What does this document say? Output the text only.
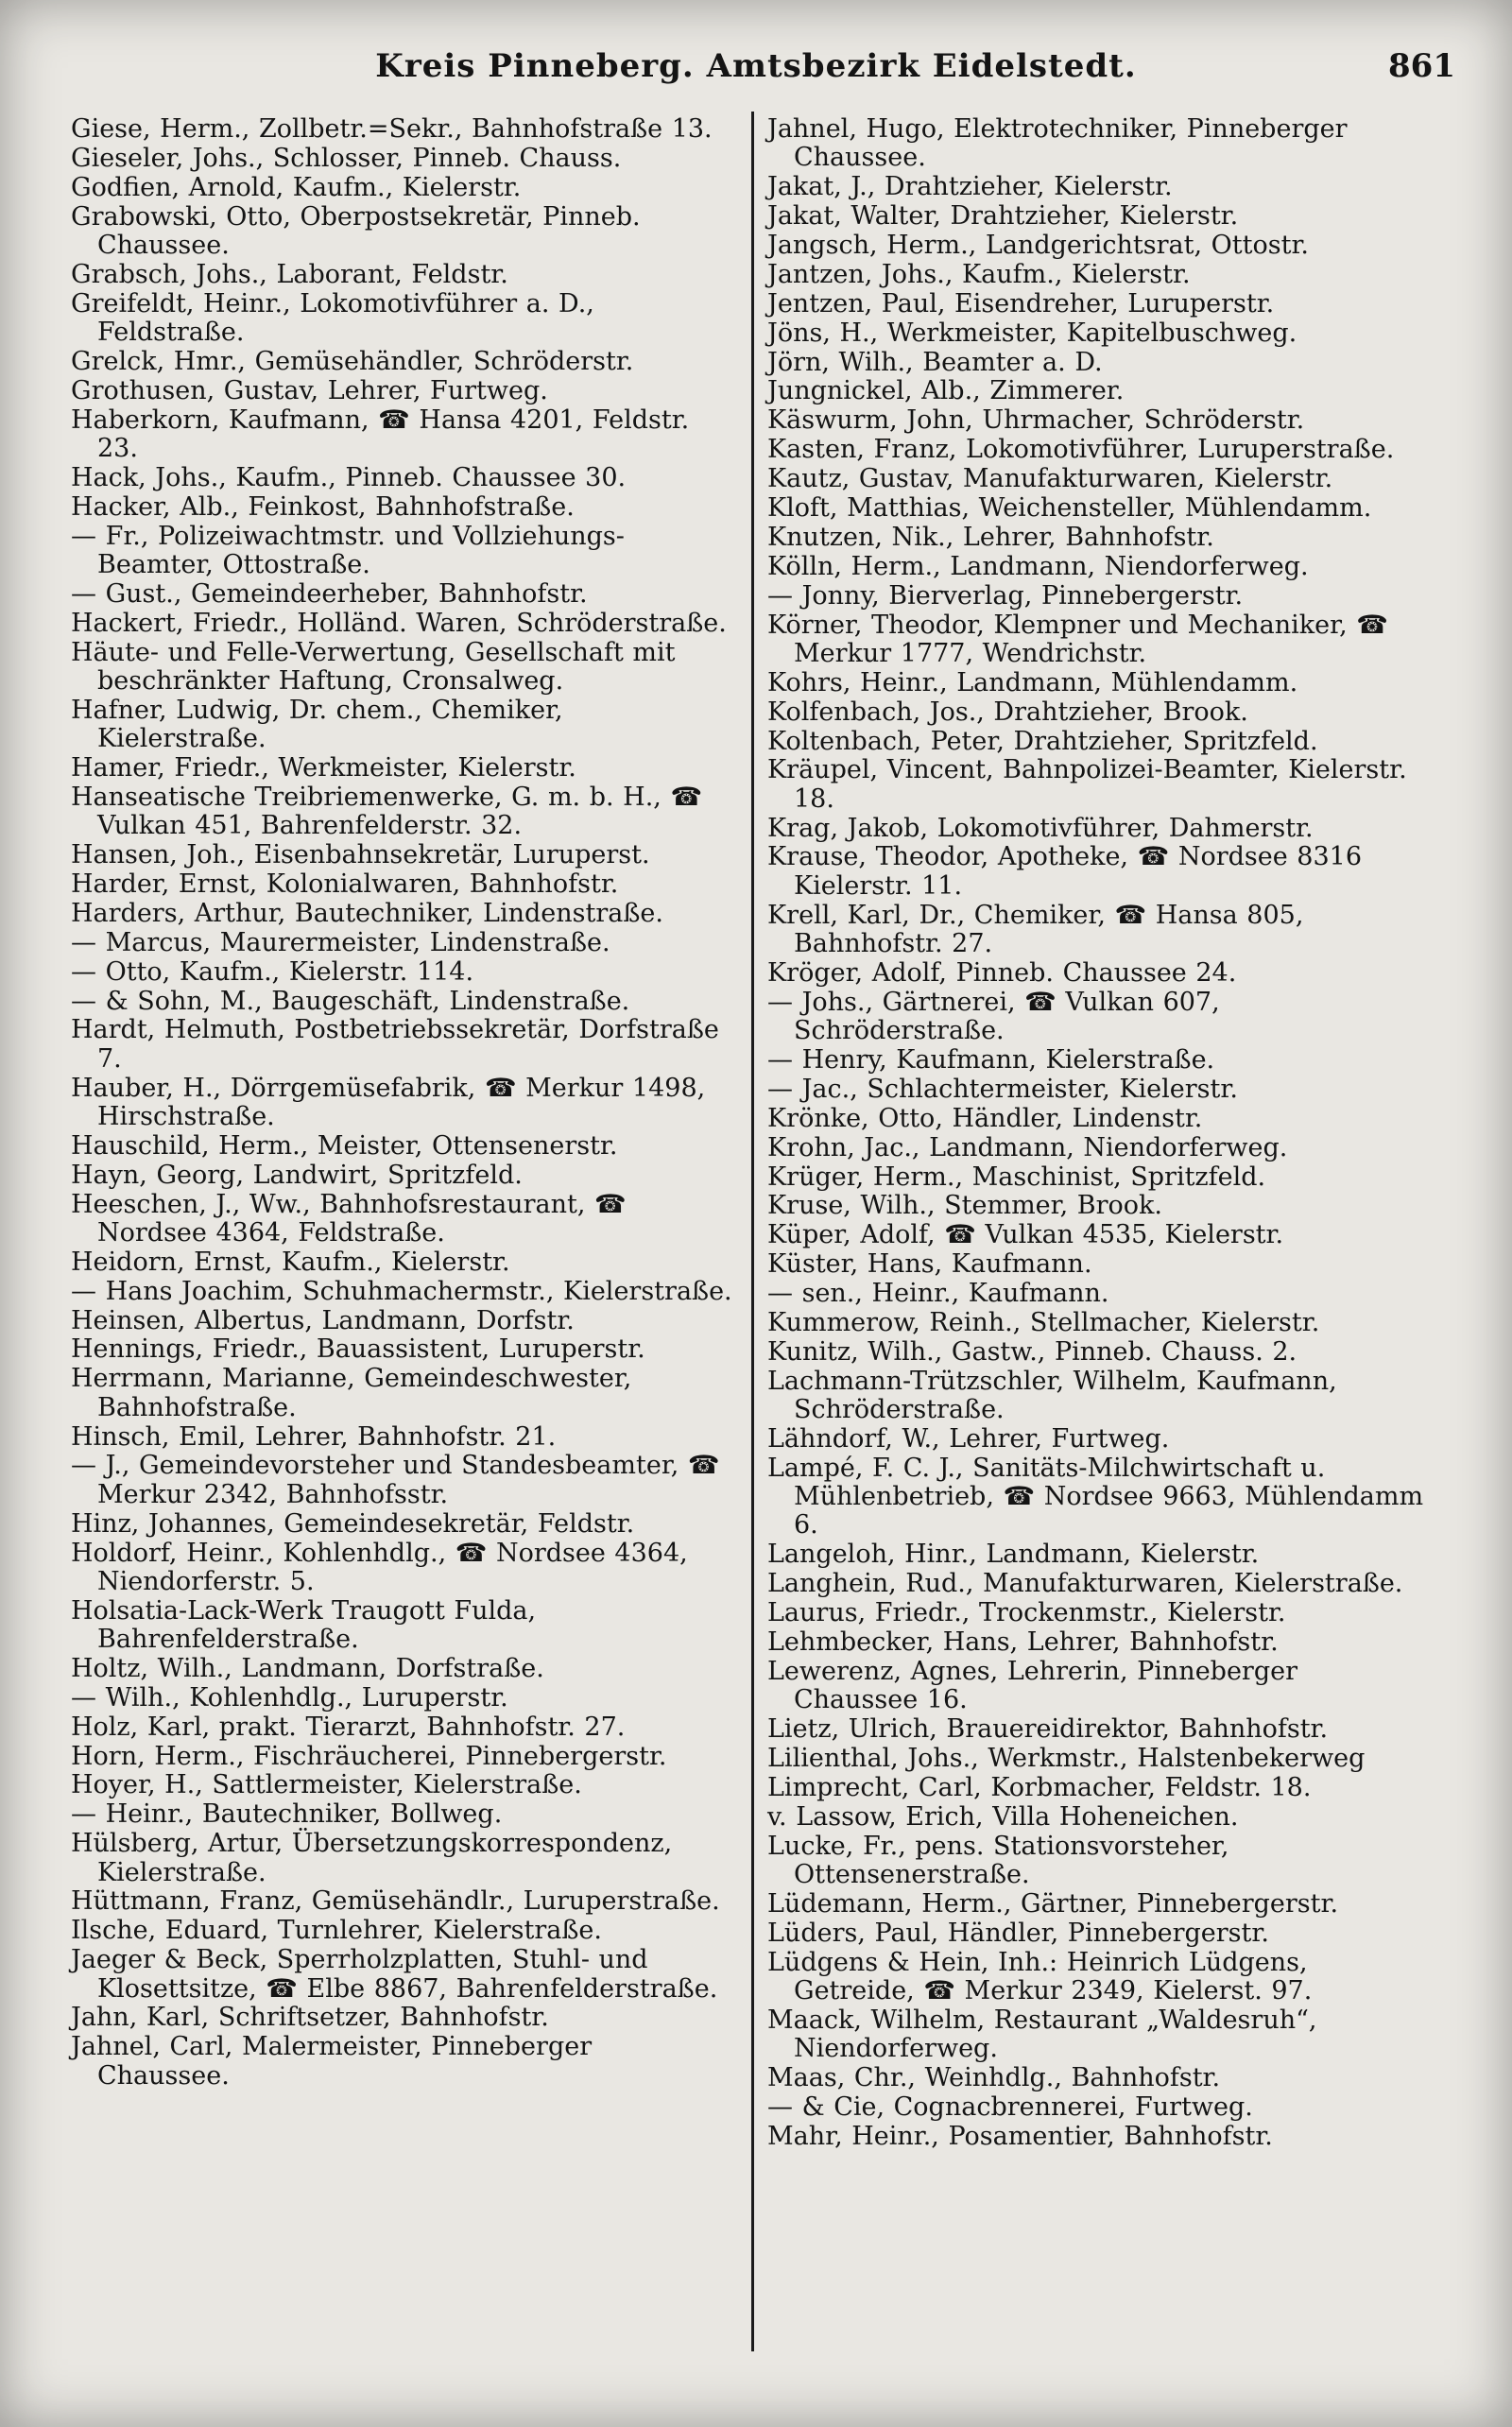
Kreis Pinneberg. Amtsbezirk Eidelstedt.	861
Giese, Herm., Zollbetr.=Sekr., Bahnhofstraße 13.
Gieseler, Johs., Schlosser, Pinneb. Chauss.
Godfien, Arnold, Kaufm., Kielerstr.
Grabowski, Otto, Oberpostsekretär, Pinneb. Chaussee.
Grabsch, Johs., Laborant, Feldstr.
Greifeldt, Heinr., Lokomotivführer a. D., Feldstraße.
Grelck, Hmr., Gemüsehändler, Schröderstr.
Grothusen, Gustav, Lehrer, Furtweg.
Haberkorn, Kaufmann, ☎ Hansa 4201, Feldstr. 23.
Hack, Johs., Kaufm., Pinneb. Chaussee 30.
Hacker, Alb., Feinkost, Bahnhofstraße.
— Fr., Polizeiwachtmstr. und Vollziehungs-Beamter, Ottostraße.
— Gust., Gemeindeerheber, Bahnhofstr.
Hackert, Friedr., Holländ. Waren, Schröderstraße.
Häute- und Felle-Verwertung, Gesellschaft mit beschränkter Haftung, Cronsalweg.
Hafner, Ludwig, Dr. chem., Chemiker, Kielerstraße.
Hamer, Friedr., Werkmeister, Kielerstr.
Hanseatische Treibriemenwerke, G. m. b. H., ☎ Vulkan 451, Bahrenfelderstr. 32.
Hansen, Joh., Eisenbahnsekretär, Luruperst.
Harder, Ernst, Kolonialwaren, Bahnhofstr.
Harders, Arthur, Bautechniker, Lindenstraße.
— Marcus, Maurermeister, Lindenstraße.
— Otto, Kaufm., Kielerstr. 114.
— & Sohn, M., Baugeschäft, Lindenstraße.
Hardt, Helmuth, Postbetriebssekretär, Dorfstraße 7.
Hauber, H., Dörrgemüsefabrik, ☎ Merkur 1498, Hirschstraße.
Hauschild, Herm., Meister, Ottensenerstr.
Hayn, Georg, Landwirt, Spritzfeld.
Heeschen, J., Ww., Bahnhofsrestaurant, ☎ Nordsee 4364, Feldstraße.
Heidorn, Ernst, Kaufm., Kielerstr.
— Hans Joachim, Schuhmachermstr., Kielerstraße.
Heinsen, Albertus, Landmann, Dorfstr.
Hennings, Friedr., Bauassistent, Luruperstr.
Herrmann, Marianne, Gemeindeschwester, Bahnhofstraße.
Hinsch, Emil, Lehrer, Bahnhofstr. 21.
— J., Gemeindevorsteher und Standesbeamter, ☎ Merkur 2342, Bahnhofsstr.
Hinz, Johannes, Gemeindesekretär, Feldstr.
Holdorf, Heinr., Kohlenhdlg., ☎ Nordsee 4364, Niendorferstr. 5.
Holsatia-Lack-Werk Traugott Fulda, Bahrenfelderstraße.
Holtz, Wilh., Landmann, Dorfstraße.
— Wilh., Kohlenhdlg., Luruperstr.
Holz, Karl, prakt. Tierarzt, Bahnhofstr. 27.
Horn, Herm., Fischräucherei, Pinnebergerstr.
Hoyer, H., Sattlermeister, Kielerstraße.
— Heinr., Bautechniker, Bollweg.
Hülsberg, Artur, Übersetzungskorrespondenz, Kielerstraße.
Hüttmann, Franz, Gemüsehändlr., Luruperstraße.
Ilsche, Eduard, Turnlehrer, Kielerstraße.
Jaeger & Beck, Sperrholzplatten, Stuhl- und Klosettsitze, ☎ Elbe 8867, Bahrenfelderstraße.
Jahn, Karl, Schriftsetzer, Bahnhofstr.
Jahnel, Carl, Malermeister, Pinneberger Chaussee.
Jahnel, Hugo, Elektrotechniker, Pinneberger Chaussee.
Jakat, J., Drahtzieher, Kielerstr.
Jakat, Walter, Drahtzieher, Kielerstr.
Jangsch, Herm., Landgerichtsrat, Ottostr.
Jantzen, Johs., Kaufm., Kielerstr.
Jentzen, Paul, Eisendreher, Luruperstr.
Jöns, H., Werkmeister, Kapitelbuschweg.
Jörn, Wilh., Beamter a. D.
Jungnickel, Alb., Zimmerer.
Käswurm, John, Uhrmacher, Schröderstr.
Kasten, Franz, Lokomotivführer, Luruperstraße.
Kautz, Gustav, Manufakturwaren, Kielerstr.
Kloft, Matthias, Weichensteller, Mühlendamm.
Knutzen, Nik., Lehrer, Bahnhofstr.
Kölln, Herm., Landmann, Niendorferweg.
— Jonny, Bierverlag, Pinnebergerstr.
Körner, Theodor, Klempner und Mechaniker, ☎ Merkur 1777, Wendrichstr.
Kohrs, Heinr., Landmann, Mühlendamm.
Kolfenbach, Jos., Drahtzieher, Brook.
Koltenbach, Peter, Drahtzieher, Spritzfeld.
Kräupel, Vincent, Bahnpolizei-Beamter, Kielerstr. 18.
Krag, Jakob, Lokomotivführer, Dahmerstr.
Krause, Theodor, Apotheke, ☎ Nordsee 8316 Kielerstr. 11.
Krell, Karl, Dr., Chemiker, ☎ Hansa 805, Bahnhofstr. 27.
Kröger, Adolf, Pinneb. Chaussee 24.
— Johs., Gärtnerei, ☎ Vulkan 607, Schröderstraße.
— Henry, Kaufmann, Kielerstraße.
— Jac., Schlachtermeister, Kielerstr.
Krönke, Otto, Händler, Lindenstr.
Krohn, Jac., Landmann, Niendorferweg.
Krüger, Herm., Maschinist, Spritzfeld.
Kruse, Wilh., Stemmer, Brook.
Küper, Adolf, ☎ Vulkan 4535, Kielerstr.
Küster, Hans, Kaufmann.
— sen., Heinr., Kaufmann.
Kummerow, Reinh., Stellmacher, Kielerstr.
Kunitz, Wilh., Gastw., Pinneb. Chauss. 2.
Lachmann-Trützschler, Wilhelm, Kaufmann, Schröderstraße.
Lähndorf, W., Lehrer, Furtweg.
Lampé, F. C. J., Sanitäts-Milchwirtschaft u. Mühlenbetrieb, ☎ Nordsee 9663, Mühlendamm 6.
Langeloh, Hinr., Landmann, Kielerstr.
Langhein, Rud., Manufakturwaren, Kielerstraße.
Laurus, Friedr., Trockenmstr., Kielerstr.
Lehmbecker, Hans, Lehrer, Bahnhofstr.
Lewerenz, Agnes, Lehrerin, Pinneberger Chaussee 16.
Lietz, Ulrich, Brauereidirektor, Bahnhofstr.
Lilienthal, Johs., Werkmstr., Halstenbekerweg
Limprecht, Carl, Korbmacher, Feldstr. 18.
v. Lassow, Erich, Villa Hoheneichen.
Lucke, Fr., pens. Stationsvorsteher, Ottensenerstraße.
Lüdemann, Herm., Gärtner, Pinnebergerstr.
Lüders, Paul, Händler, Pinnebergerstr.
Lüdgens & Hein, Inh.: Heinrich Lüdgens, Getreide, ☎ Merkur 2349, Kielerst. 97.
Maack, Wilhelm, Restaurant „Waldesruh“, Niendorferweg.
Maas, Chr., Weinhdlg., Bahnhofstr.
— & Cie, Cognacbrennerei, Furtweg.
Mahr, Heinr., Posamentier, Bahnhofstr.
